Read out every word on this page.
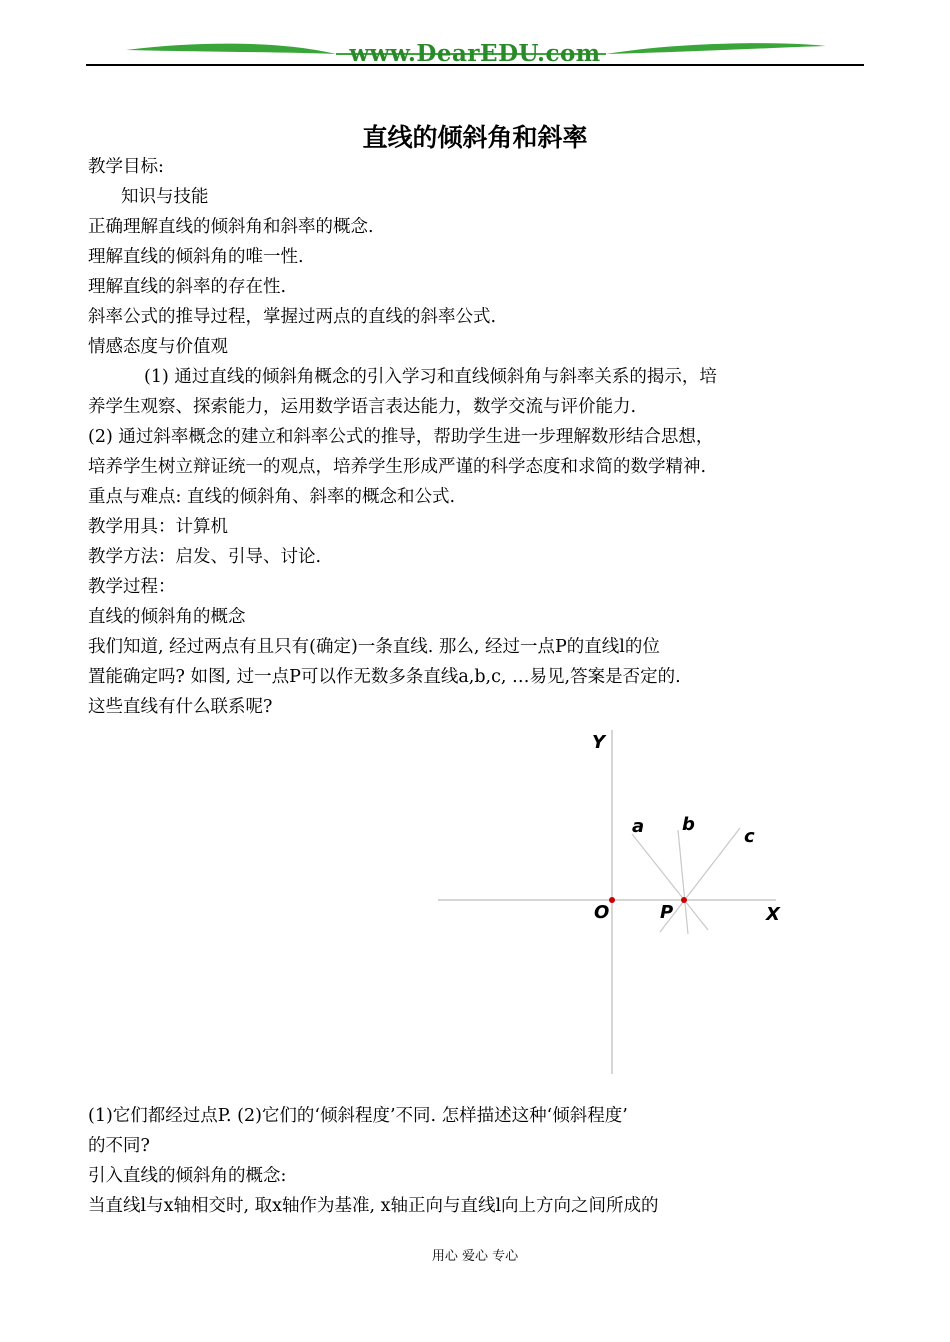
www.DearEDU.com
直线的倾斜角和斜率

教学目标:

知识与技能

正确理解直线的倾斜角和斜率的概念.

理解直线的倾斜角的唯一性.

理解直线的斜率的存在性.

斜率公式的推导过程，掌握过两点的直线的斜率公式.

情感态度与价值观

(1) 通过直线的倾斜角概念的引入学习和直线倾斜角与斜率关系的揭示，培

养学生观察、探索能力，运用数学语言表达能力，数学交流与评价能力.

(2) 通过斜率概念的建立和斜率公式的推导，帮助学生进一步理解数形结合思想，

培养学生树立辩证统一的观点，培养学生形成严谨的科学态度和求简的数学精神.

重点与难点: 直线的倾斜角、斜率的概念和公式.

教学用具：计算机

教学方法：启发、引导、讨论.

教学过程：

直线的倾斜角的概念

我们知道, 经过两点有且只有(确定)一条直线. 那么, 经过一点P的直线l的位

置能确定吗? 如图, 过一点P可以作无数多条直线a,b,c, …易见,答案是否定的.

这些直线有什么联系呢?

Y
X
O	P
a b
c

(1)它们都经过点P. (2)它们的‘倾斜程度’不同. 怎样描述这种‘倾斜程度’

的不同?

引入直线的倾斜角的概念:

当直线l与x轴相交时, 取x轴作为基准, x轴正向与直线l向上方向之间所成的

用心 爱心 专心
